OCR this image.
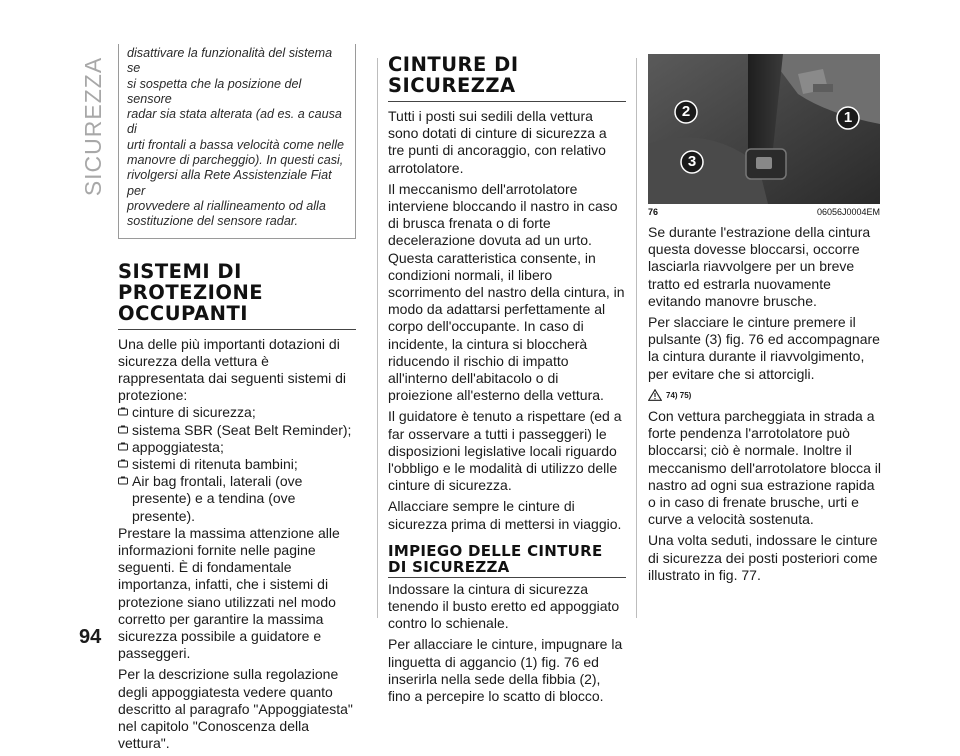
SICUREZZA

disattivare la funzionalità del sistema se

si sospetta che la posizione del sensore

radar sia stata alterata (ad es. a causa di

urti frontali a bassa velocità come nelle

manovre di parcheggio). In questi casi,

rivolgersi alla Rete Assistenziale Fiat per

provvedere al riallineamento od alla

sostituzione del sensore radar.

SISTEMI DI
PROTEZIONE
OCCUPANTI

Una delle più importanti dotazioni di sicurezza della vettura è rappresentata dai seguenti sistemi di protezione:

cinture di sicurezza;
sistema SBR (Seat Belt Reminder);
appoggiatesta;
sistemi di ritenuta bambini;
Air bag frontali, laterali (ove presente) e a tendina (ove presente).

Prestare la massima attenzione alle informazioni fornite nelle pagine seguenti. È di fondamentale importanza, infatti, che i sistemi di protezione siano utilizzati nel modo corretto per garantire la massima sicurezza possibile a guidatore e passeggeri.

Per la descrizione sulla regolazione degli appoggiatesta vedere quanto descritto al paragrafo "Appoggiatesta" nel capitolo "Conoscenza della vettura".

CINTURE DI
SICUREZZA

Tutti i posti sui sedili della vettura sono dotati di cinture di sicurezza a tre punti di ancoraggio, con relativo arrotolatore.

Il meccanismo dell'arrotolatore interviene bloccando il nastro in caso di brusca frenata o di forte decelerazione dovuta ad un urto. Questa caratteristica consente, in condizioni normali, il libero scorrimento del nastro della cintura, in modo da adattarsi perfettamente al corpo dell'occupante. In caso di incidente, la cintura si bloccherà riducendo il rischio di impatto all'interno dell'abitacolo o di proiezione all'esterno della vettura.

Il guidatore è tenuto a rispettare (ed a far osservare a tutti i passeggeri) le disposizioni legislative locali riguardo l'obbligo e le modalità di utilizzo delle cinture di sicurezza.

Allacciare sempre le cinture di sicurezza prima di mettersi in viaggio.

IMPIEGO DELLE CINTURE
DI SICUREZZA

Indossare la cintura di sicurezza tenendo il busto eretto ed appoggiato contro lo schienale.

Per allacciare le cinture, impugnare la linguetta di aggancio (1) fig. 76 ed inserirla nella sede della fibbia (2), fino a percepire lo scatto di blocco.

1
2
3
76	06056J0004EM

Se durante l'estrazione della cintura questa dovesse bloccarsi, occorre lasciarla riavvolgere per un breve tratto ed estrarla nuovamente evitando manovre brusche.

Per slacciare le cinture premere il pulsante (3) fig. 76 ed accompagnare la cintura durante il riavvolgimento, per evitare che si attorcigli.

74) 75)

Con vettura parcheggiata in strada a forte pendenza l'arrotolatore può bloccarsi; ciò è normale. Inoltre il meccanismo dell'arrotolatore blocca il nastro ad ogni sua estrazione rapida o in caso di frenate brusche, urti e curve a velocità sostenuta.

Una volta seduti, indossare le cinture di sicurezza dei posti posteriori come illustrato in fig. 77.

94
